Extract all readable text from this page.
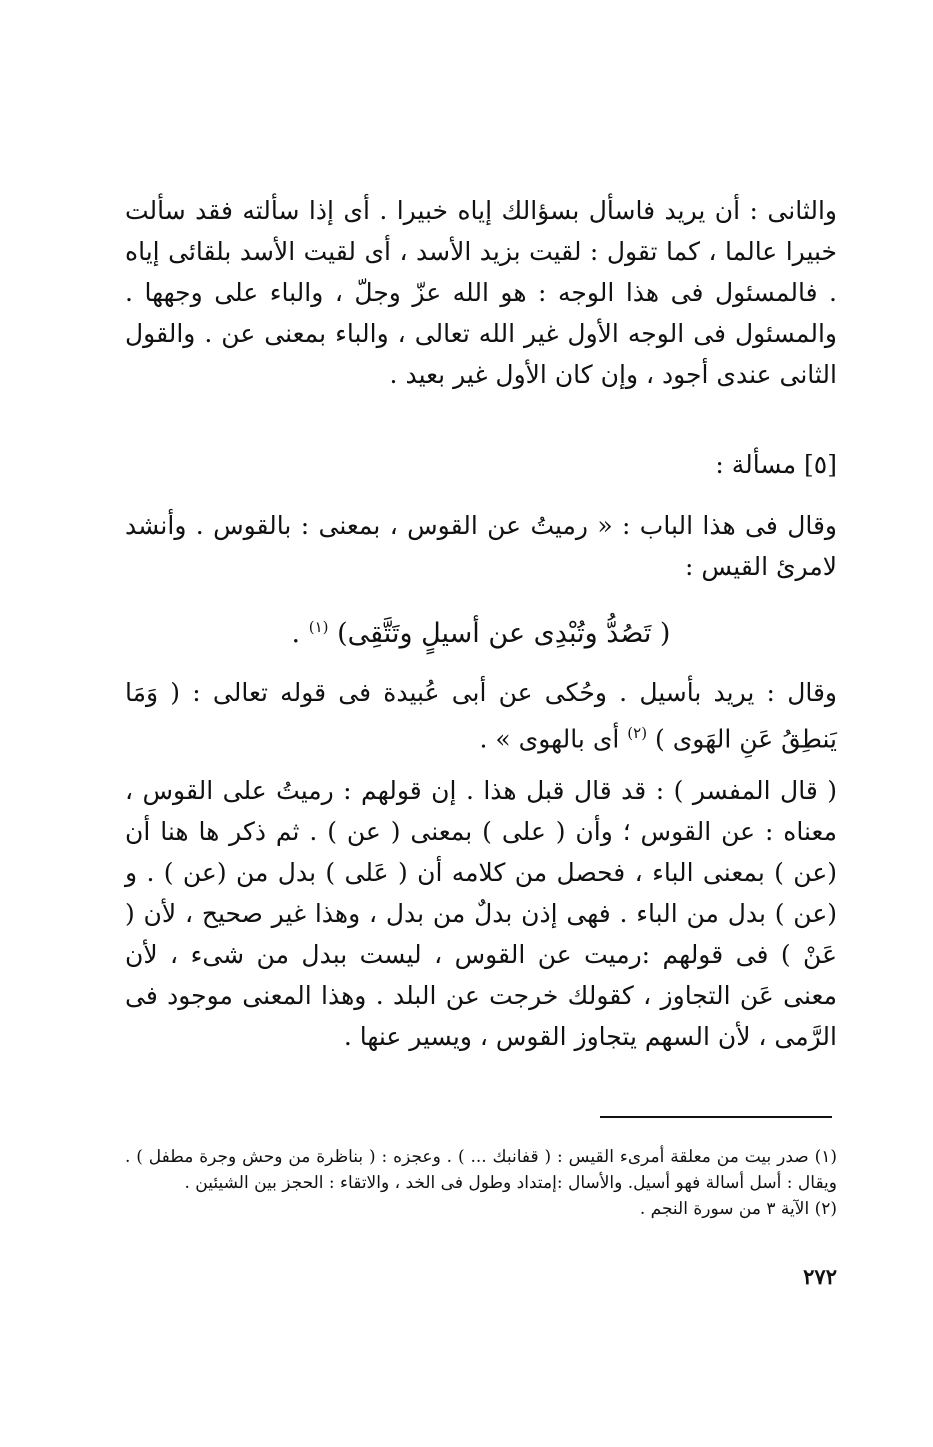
والثانى : أن يريد فاسأل بسؤالك إياه خبيرا . أى إذا سألته فقد سألت خبيرا عالما ، كما تقول : لقيت بزيد الأسد ، أى لقيت الأسد بلقائى إياه . فالمسئول فى هذا الوجه : هو الله عزّ وجلّ ، والباء على وجهها . والمسئول فى الوجه الأول غير الله تعالى ، والباء بمعنى عن . والقول الثانى عندى أجود ، وإن كان الأول غير بعيد .

[٥] مسألة :

وقال فى هذا الباب : « رميتُ عن القوس ، بمعنى : بالقوس . وأنشد لامرئ القيس :

( تَصُدُّ وتُبْدِى عن أسيلٍ وتَتَّقِى) $^{(١)}$ .

وقال : يريد بأسيل . وحُكى عن أبى عُبيدة فى قوله تعالى : ( وَمَا يَنطِقُ عَنِ الهَوى ) $^{(٢)}$ أى بالهوى » .

( قال المفسر ) : قد قال قبل هذا . إن قولهم : رميتُ على القوس ، معناه : عن القوس ؛ وأن ( على ) بمعنى ( عن ) . ثم ذكر ها هنا أن (عن ) بمعنى الباء ، فحصل من كلامه أن ( عَلى ) بدل من (عن ) . و (عن ) بدل من الباء . فهى إذن بدلٌ من بدل ، وهذا غير صحيح ، لأن ( عَنْ ) فى قولهم :رميت عن القوس ، ليست ببدل من شىء ، لأن معنى عَن التجاوز ، كقولك خرجت عن البلد . وهذا المعنى موجود فى الرَّمى ، لأن السهم يتجاوز القوس ، ويسير عنها .

(١) صدر بيت من معلقة أمرىء القيس : ( قفانبك ... ) . وعجزه : ( بناظرة من وحش وجرة مطفل ) . ويقال : أسل أسالة فهو أسيل. والأسال :إمتداد وطول فى الخد ، والاتقاء : الحجز بين الشيئين .

(٢) الآية ٣ من سورة النجم .

٢٧٢
